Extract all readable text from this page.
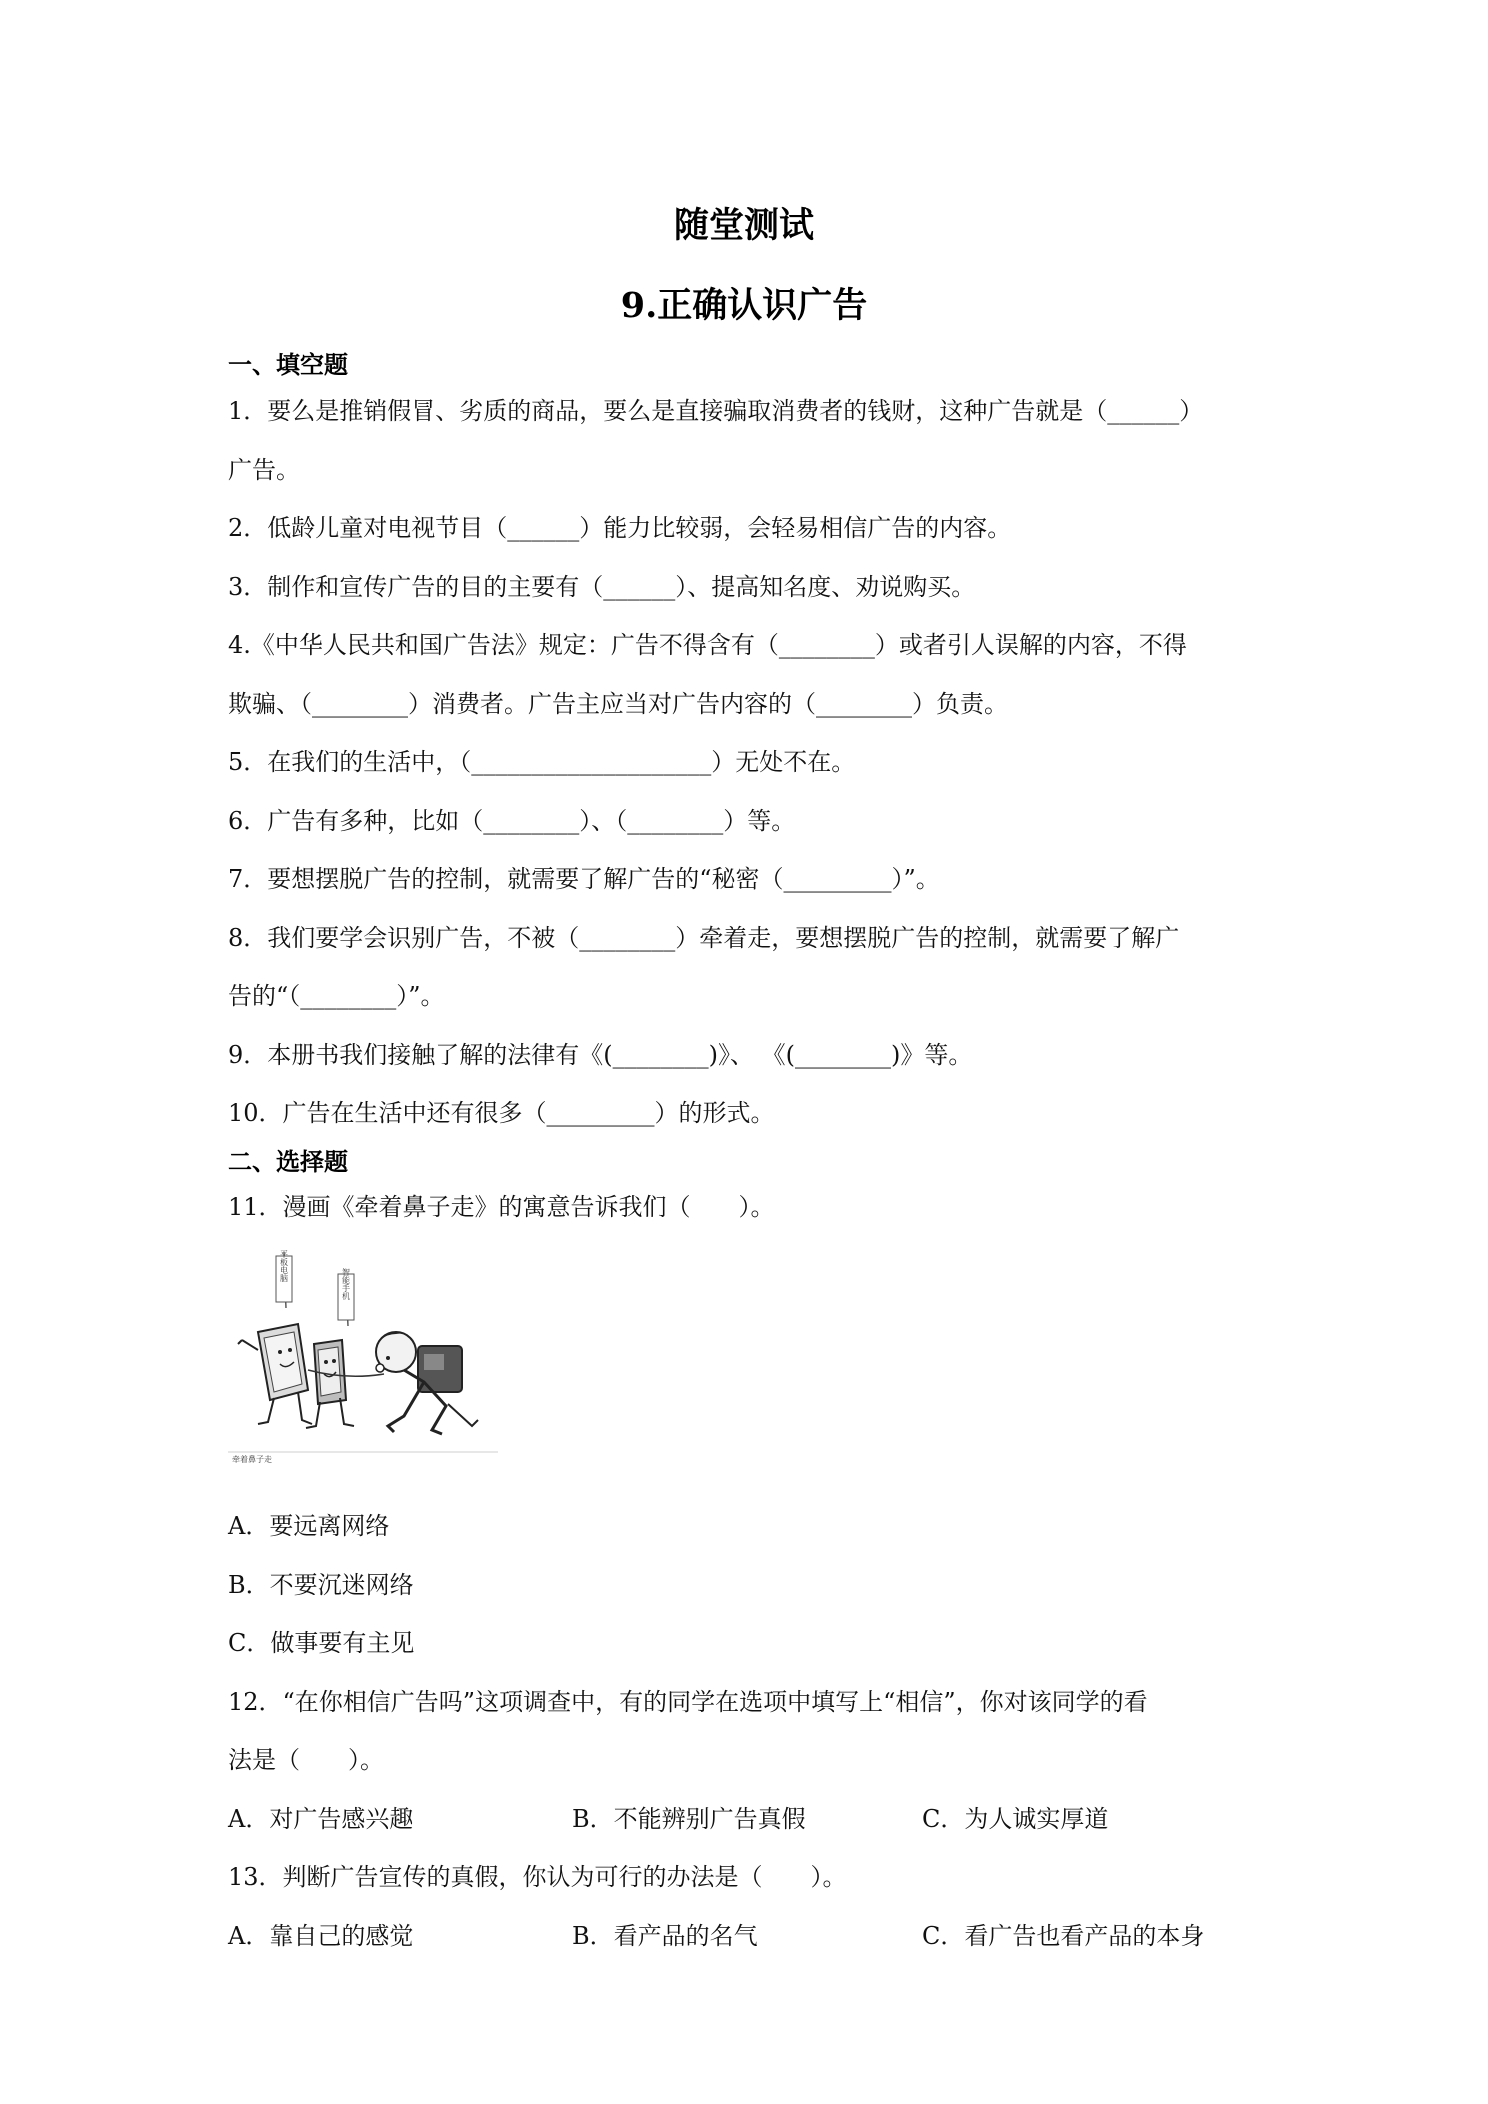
随堂测试
9.正确认识广告
一、填空题
1．要么是推销假冒、劣质的商品，要么是直接骗取消费者的钱财，这种广告就是（______）
广告。
2．低龄儿童对电视节目（______）能力比较弱，会轻易相信广告的内容。
3．制作和宣传广告的目的主要有（______）、提高知名度、劝说购买。
4.《中华人民共和国广告法》规定：广告不得含有（________）或者引人误解的内容，不得
欺骗、（________）消费者。广告主应当对广告内容的（________）负责。
5．在我们的生活中，（____________________）无处不在。
6．广告有多种，比如（________）、（________）等。
7．要想摆脱广告的控制，就需要了解广告的“秘密（_________）”。
8．我们要学会识别广告，不被（________）牵着走，要想摆脱广告的控制，就需要了解广
告的“（________）”。
9．本册书我们接触了解的法律有《(________)》、 《(________)》等。
10．广告在生活中还有很多（_________）的形式。
二、选择题
11．漫画《牵着鼻子走》的寓意告诉我们（　　）。
平板电脑
智能手机
牵着鼻子走
A．要远离网络
B．不要沉迷网络
C．做事要有主见
12．“在你相信广告吗”这项调查中，有的同学在选项中填写上“相信”，你对该同学的看
法是（　　）。
A．对广告感兴趣	B．不能辨别广告真假	C．为人诚实厚道
13．判断广告宣传的真假，你认为可行的办法是（　　）。
A．靠自己的感觉	B．看产品的名气	C．看广告也看产品的本身
